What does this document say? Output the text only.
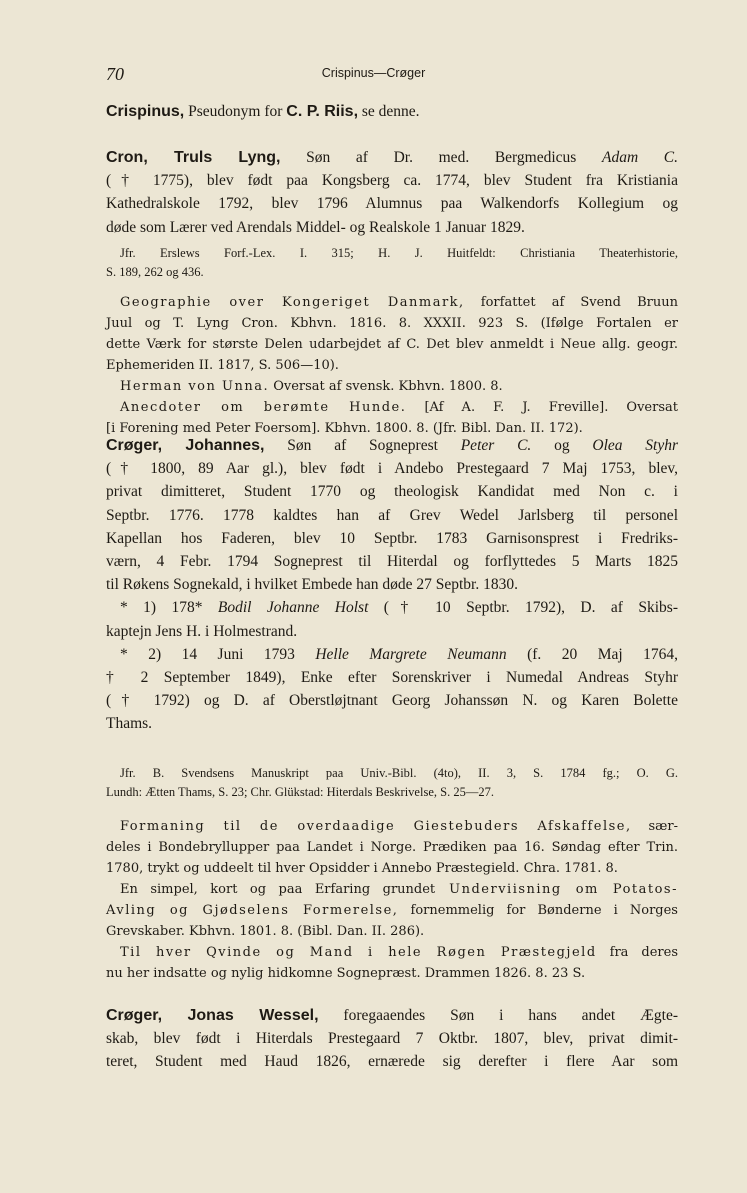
70	Crispinus—Crøger
Crispinus, Pseudonym for C. P. Riis, se denne.
Cron, Truls Lyng, Søn af Dr. med. Bergmedicus Adam C.
(† 1775), blev født paa Kongsberg ca. 1774, blev Student fra Kristiania
Kathedralskole 1792, blev 1796 Alumnus paa Walkendorfs Kollegium og
døde som Lærer ved Arendals Middel- og Realskole 1 Januar 1829.
Jfr. Erslews Forf.-Lex. I. 315; H. J. Huitfeldt: Christiania Theaterhistorie,
S. 189, 262 og 436.
Geographie over Kongeriget Danmark, forfattet af Svend Bruun
Juul og T. Lyng Cron. Kbhvn. 1816. 8. XXXII. 923 S. (Ifølge Fortalen er
dette Værk for største Delen udarbejdet af C. Det blev anmeldt i Neue allg. geogr.
Ephemeriden II. 1817, S. 506—10).
Herman von Unna. Oversat af svensk. Kbhvn. 1800. 8.
Anecdoter om berømte Hunde. [Af A. F. J. Freville]. Oversat
[i Forening med Peter Foersom]. Kbhvn. 1800. 8. (Jfr. Bibl. Dan. II. 172).
Crøger, Johannes, Søn af Sogneprest Peter C. og Olea Styhr
(† 1800, 89 Aar gl.), blev født i Andebo Prestegaard 7 Maj 1753, blev,
privat dimitteret, Student 1770 og theologisk Kandidat med Non c. i
Septbr. 1776. 1778 kaldtes han af Grev Wedel Jarlsberg til personel
Kapellan hos Faderen, blev 10 Septbr. 1783 Garnisonsprest i Fredriks-
værn, 4 Febr. 1794 Sogneprest til Hiterdal og forflyttedes 5 Marts 1825
til Røkens Sognekald, i hvilket Embede han døde 27 Septbr. 1830.
* 1) 178* Bodil Johanne Holst († 10 Septbr. 1792), D. af Skibs-
kaptejn Jens H. i Holmestrand.
* 2) 14 Juni 1793 Helle Margrete Neumann (f. 20 Maj 1764,
† 2 September 1849), Enke efter Sorenskriver i Numedal Andreas Styhr
(† 1792) og D. af Oberstløjtnant Georg Johanssøn N. og Karen Bolette
Thams.
Jfr. B. Svendsens Manuskript paa Univ.-Bibl. (4to), II. 3, S. 1784 fg.; O. G.
Lundh: Ætten Thams, S. 23; Chr. Glükstad: Hiterdals Beskrivelse, S. 25—27.
Formaning til de overdaadige Giestebuders Afskaffelse, sær-
deles i Bondebryllupper paa Landet i Norge. Prædiken paa 16. Søndag efter Trin.
1780, trykt og uddeelt til hver Opsidder i Annebo Præstegield. Chra. 1781. 8.
En simpel, kort og paa Erfaring grundet Underviisning om Potatos-
Avling og Gjødselens Formerelse, fornemmelig for Bønderne i Norges
Grevskaber. Kbhvn. 1801. 8. (Bibl. Dan. II. 286).
Til hver Qvinde og Mand i hele Røgen Præstegjeld fra deres
nu her indsatte og nylig hidkomne Sognepræst. Drammen 1826. 8. 23 S.
Crøger, Jonas Wessel, foregaaendes Søn i hans andet Ægte-
skab, blev født i Hiterdals Prestegaard 7 Oktbr. 1807, blev, privat dimit-
teret, Student med Haud 1826, ernærede sig derefter i flere Aar som
